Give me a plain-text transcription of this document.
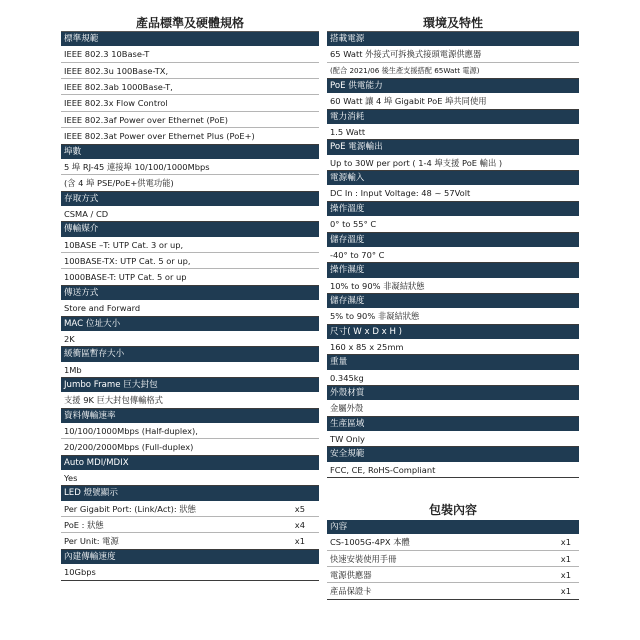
產品標準及硬體規格
標準規範
IEEE 802.3 10Base-T
IEEE 802.3u 100Base-TX,
IEEE 802.3ab 1000Base-T,
IEEE 802.3x Flow Control
IEEE 802.3af Power over Ethernet (PoE)
IEEE 802.3at Power over Ethernet Plus (PoE+)
埠數
5 埠 RJ-45 連接埠 10/100/1000Mbps
(含 4 埠 PSE/PoE+供電功能)
存取方式
CSMA / CD
傳輸媒介
10BASE –T: UTP Cat. 3 or up,
100BASE-TX: UTP Cat. 5 or up,
1000BASE-T: UTP Cat. 5 or up
傳送方式
Store and Forward
MAC 位址大小
2K
緩衝區暫存大小
1Mb
Jumbo Frame 巨大封包
支援 9K 巨大封包傳輸格式
資料傳輸速率
10/100/1000Mbps (Half-duplex),
20/200/2000Mbps (Full-duplex)
Auto MDI/MDIX
Yes
LED 燈號顯示
Per Gigabit Port: (Link/Act): 狀態	x5
PoE : 狀態	x4
Per Unit: 電源	x1
內建傳輸速度
10Gbps
環境及特性
搭載電源
65 Watt 外接式可拆換式接頭電源供應器
(配合 2021/06 後生產支援搭配 65Watt 電源)
PoE 供電能力
60 Watt 讓 4 埠 Gigabit PoE 埠共同使用
電力消耗
1.5 Watt
PoE 電源輸出
Up to 30W per port ( 1-4 埠支援 PoE 輸出 )
電源輸入
DC In : Input Voltage: 48 ~ 57Volt
操作溫度
0° to 55° C
儲存溫度
-40° to 70° C
操作濕度
10% to 90% 非凝結狀態
儲存濕度
5% to 90% 非凝結狀態
尺寸( W x D x H )
160 x 85 x 25mm
重量
0.345kg
外殼材質
金屬外殼
生產區域
TW Only
安全規範
FCC, CE, RoHS-Compliant
包裝內容
內容
CS-1005G-4PX 本體	x1
快速安裝使用手冊	x1
電源供應器	x1
產品保證卡	x1
